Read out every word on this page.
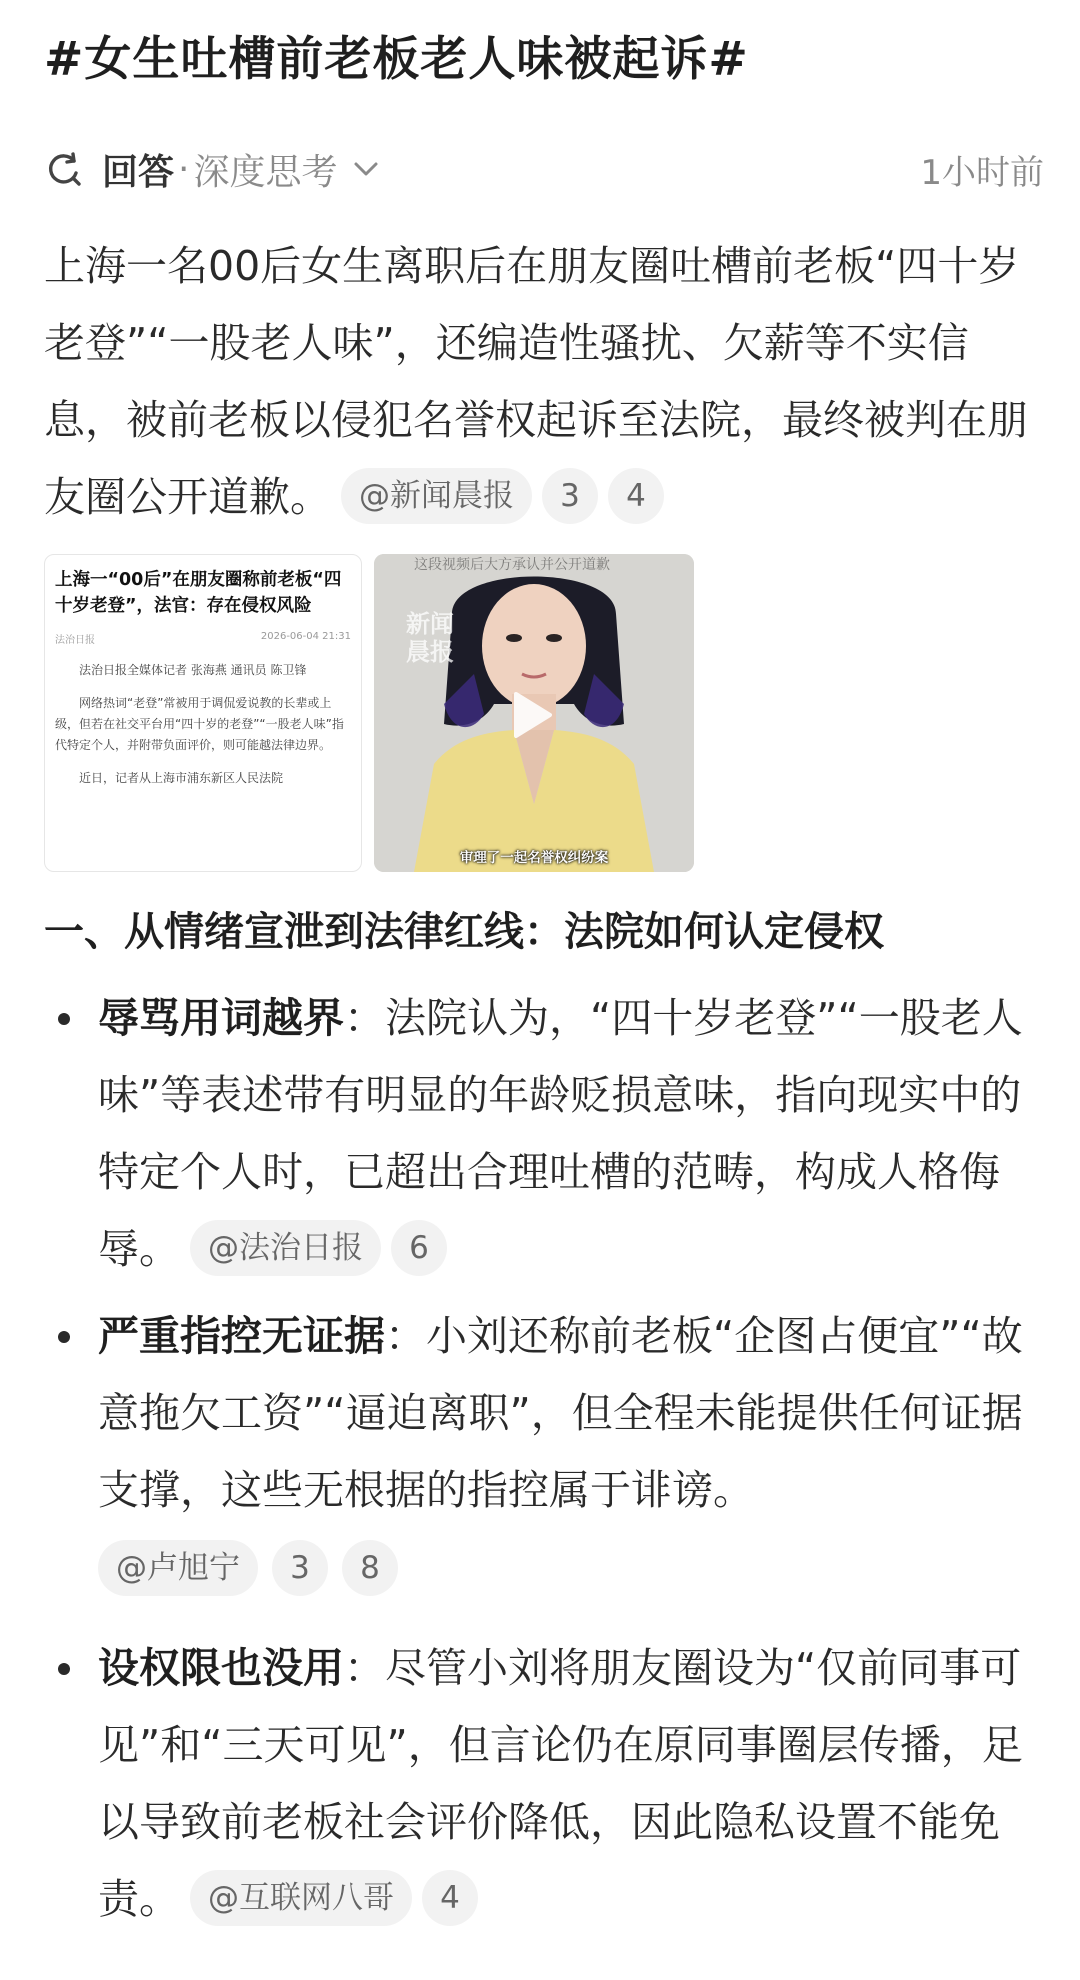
#女生吐槽前老板老人味被起诉#
回答 · 深度思考	1小时前
上海一名00后女生离职后在朋友圈吐槽前老板“四十岁老登”“一股老人味”，还编造性骚扰、欠薪等不实信息，被前老板以侵犯名誉权起诉至法院，最终被判在朋友圈公开道歉。 @新闻晨报 3 4
上海一“00后”在朋友圈称前老板“四十岁老登”，法官：存在侵权风险
法治日报	2026-06-04 21:31

法治日报全媒体记者 张海燕 通讯员 陈卫锋

网络热词“老登”常被用于调侃爱说教的长辈或上级，但若在社交平台用“四十岁的老登”“一股老人味”指代特定个人，并附带负面评价，则可能越法律边界。

近日，记者从上海市浦东新区人民法院

这段视频后大方承认并公开道歉
新闻晨报
审理了一起名誉权纠纷案
一、从情绪宣泄到法律红线：法院如何认定侵权
辱骂用词越界：法院认为，“四十岁老登”“一股老人味”等表述带有明显的年龄贬损意味，指向现实中的特定个人时，已超出合理吐槽的范畴，构成人格侮辱。 @法治日报 6
严重指控无证据：小刘还称前老板“企图占便宜”“故意拖欠工资”“逼迫离职”，但全程未能提供任何证据支撑，这些无根据的指控属于诽谤。
@卢旭宁	3	8
设权限也没用：尽管小刘将朋友圈设为“仅前同事可见”和“三天可见”，但言论仍在原同事圈层传播，足以导致前老板社会评价降低，因此隐私设置不能免责。 @互联网八哥 4
